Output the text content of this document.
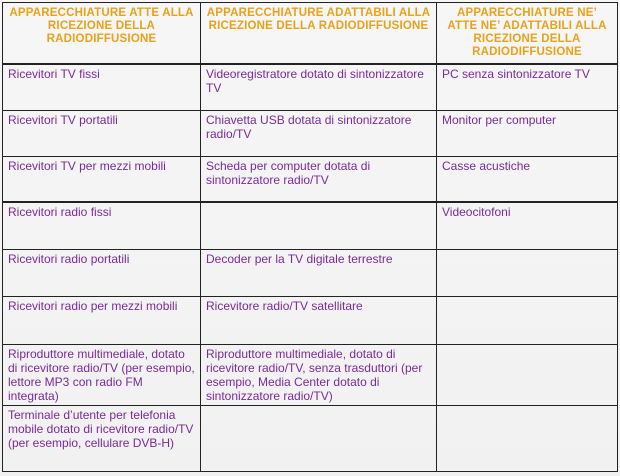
APPARECCHIATURE ATTE ALLA RICEZIONE DELLA RADIODIFFUSIONE	APPARECCHIATURE ADATTABILI ALLA RICEZIONE DELLA RADIODIFFUSIONE	APPARECCHIATURE NE’ ATTE NE’ ADATTABILI ALLA RICEZIONE DELLA RADIODIFFUSIONE
Ricevitori TV fissi	Videoregistratore dotato di sintonizzatore TV	PC senza sintonizzatore TV
Ricevitori TV portatili	Chiavetta USB dotata di sintonizzatore radio/TV	Monitor per computer
Ricevitori TV per mezzi mobili	Scheda per computer dotata di sintonizzatore radio/TV	Casse acustiche
Ricevitori radio fissi		Videocitofoni
Ricevitori radio portatili	Decoder per la TV digitale terrestre	
Ricevitori radio per mezzi mobili	Ricevitore radio/TV satellitare	
Riproduttore multimediale, dotato di ricevitore radio/TV (per esempio, lettore MP3 con radio FM integrata)	Riproduttore multimediale, dotato di ricevitore radio/TV, senza trasduttori (per esempio, Media Center dotato di sintonizzatore radio/TV)	
Terminale d’utente per telefonia mobile dotato di ricevitore radio/TV (per esempio, cellulare DVB-H)		
